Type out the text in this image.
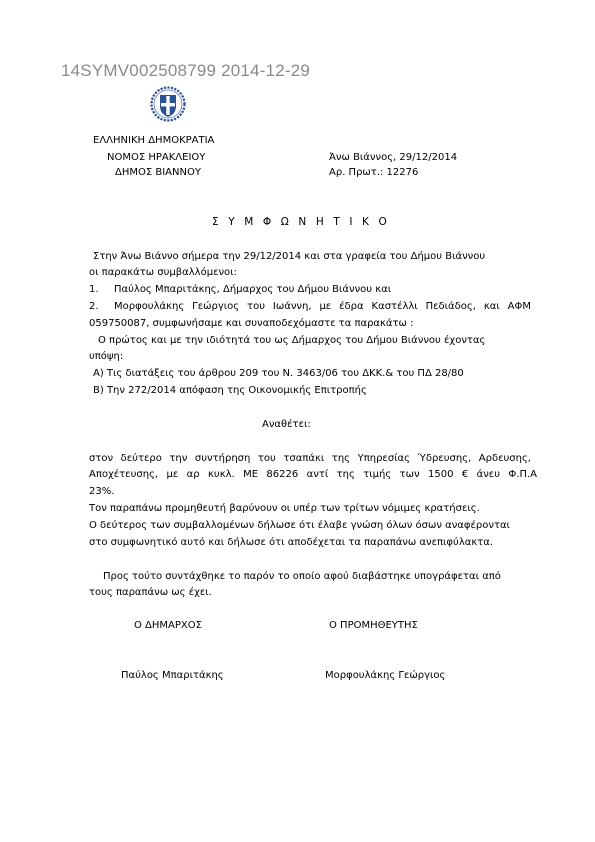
14SYMV002508799 2014-12-29
ΕΛΛΗΝΙΚΗ ΔΗΜΟΚΡΑΤΙΑ
ΝΟΜΟΣ ΗΡΑΚΛΕΙΟΥ
ΔΗΜΟΣ ΒΙΑΝΝΟΥ
Άνω Βιάννος, 29/12/2014
Αρ. Πρωτ.: 12276
ΣΥΜΦΩΝΗΤΙΚΟ
Στην Άνω Βιάννο σήμερα την 29/12/2014 και στα γραφεία του Δήμου Βιάννου
οι παρακάτω συμβαλλόμενοι:
1. Παύλος Μπαριτάκης, Δήμαρχος του Δήμου Βιάννου και
2. Μορφουλάκης Γεώργιος του Ιωάννη, με έδρα Καστέλλι Πεδιάδος, και ΑΦΜ
059750087, συμφωνήσαμε και συναποδεχόμαστε τα παρακάτω :
Ο πρώτος και με την ιδιότητά του ως Δήμαρχος του Δήμου Βιάννου έχοντας
υπόψη:
Α) Τις διατάξεις του άρθρου 209 του Ν. 3463/06 του ΔΚΚ.& του ΠΔ 28/80
Β) Την 272/2014 απόφαση της Οικονομικής Επιτροπής
Αναθέτει:
στον δεύτερο την συντήρηση του τσαπάκι της Υπηρεσίας Ύδρευσης, Αρδευσης,
Αποχέτευσης, με αρ κυκλ. ΜΕ 86226 αντί της τιμής των 1500 € άνευ Φ.Π.Α
23%.
Τον παραπάνω προμηθευτή βαρύνουν οι υπέρ των τρίτων νόμιμες κρατήσεις.
Ο δεύτερος των συμβαλλομένων δήλωσε ότι έλαβε γνώση όλων όσων αναφέρονται
στο συμφωνητικό αυτό και δήλωσε ότι αποδέχεται τα παραπάνω ανεπιφύλακτα.
Προς τούτο συντάχθηκε το παρόν το οποίο αφού διαβάστηκε υπογράφεται από
τους παραπάνω ως έχει.
Ο ΔΗΜΑΡΧΟΣ	Ο ΠΡΟΜΗΘΕΥΤΗΣ
Παύλος Μπαριτάκης	Μορφουλάκης Γεώργιος
